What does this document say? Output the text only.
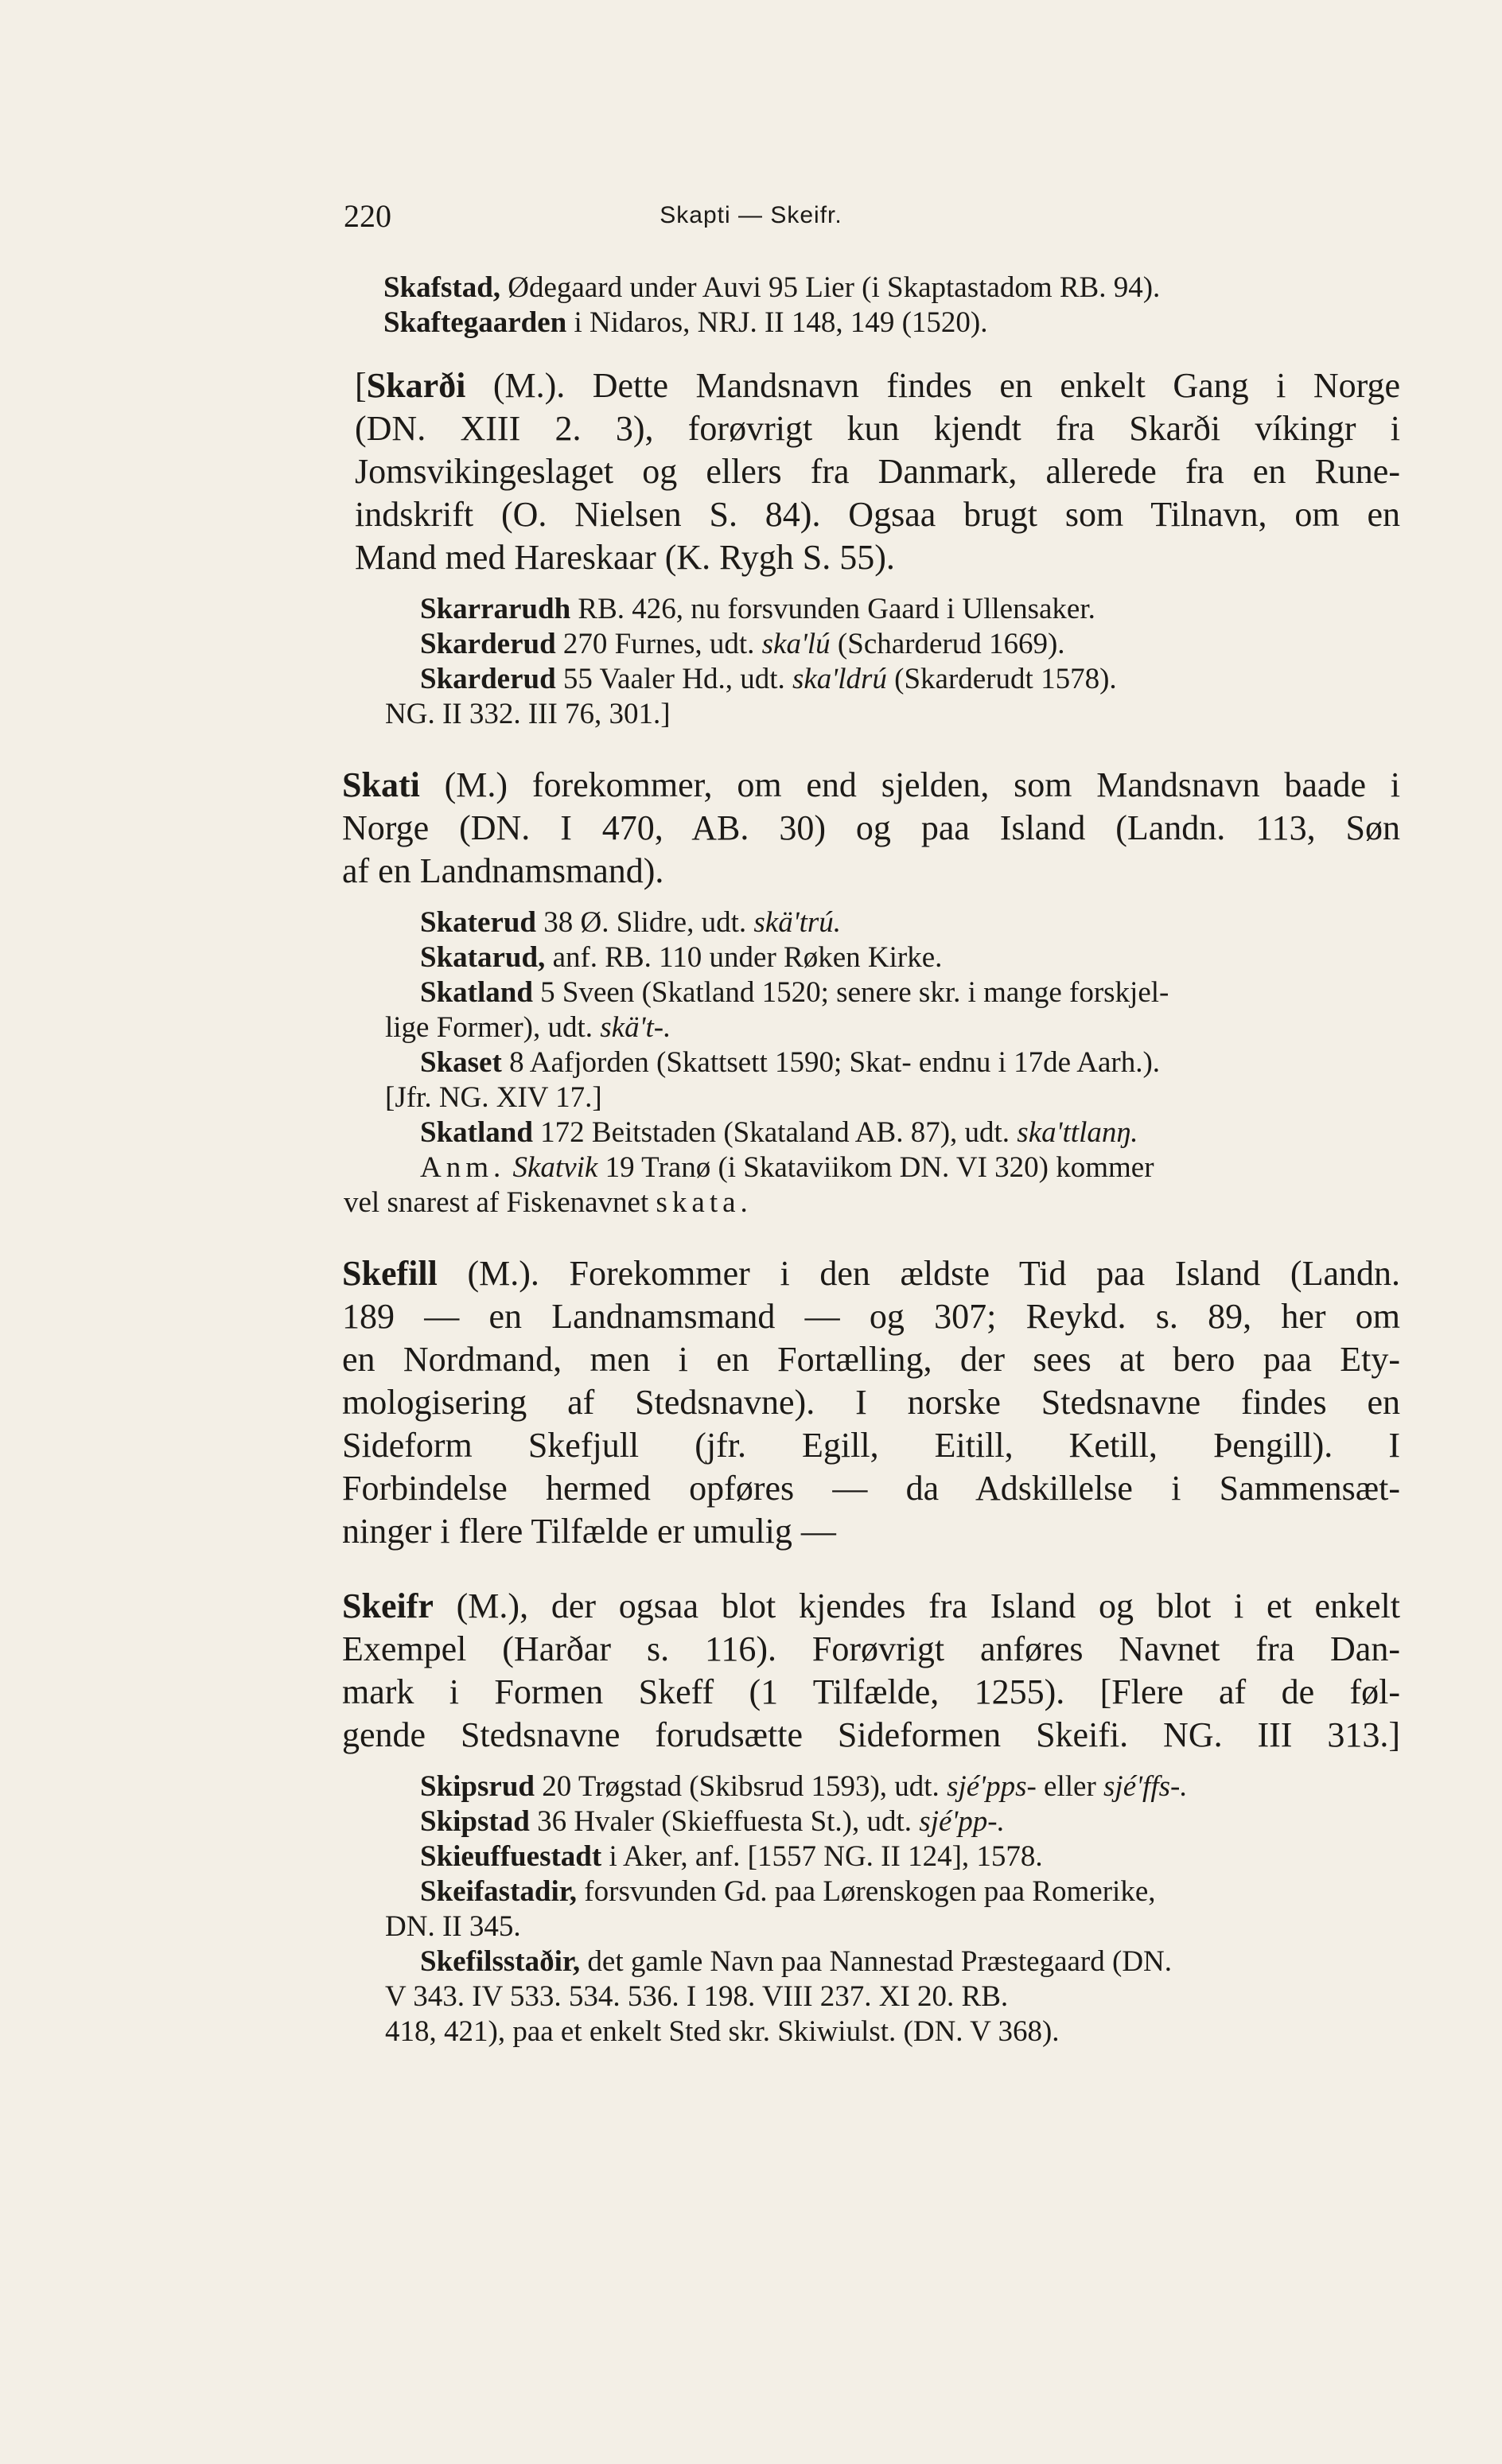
220	Skapti — Skeifr.
Skafstad, Ødegaard under Auvi 95 Lier (i Skaptastadom RB. 94).
Skaftegaarden i Nidaros, NRJ. II 148, 149 (1520).
[Skarði (M.). Dette Mandsnavn findes en enkelt Gang i Norge
(DN. XIII 2. 3), forøvrigt kun kjendt fra Skarði víkingr i
Jomsvikingeslaget og ellers fra Danmark, allerede fra en Rune-
indskrift (O. Nielsen S. 84). Ogsaa brugt som Tilnavn, om en
Mand med Hareskaar (K. Rygh S. 55).
Skarrarudh RB. 426, nu forsvunden Gaard i Ullensaker.
Skarderud 270 Furnes, udt. skaʹlú (Scharderud 1669).
Skarderud 55 Vaaler Hd., udt. skaʹldrú (Skarderudt 1578).
NG. II 332. III 76, 301.]
Skati (M.) forekommer, om end sjelden, som Mandsnavn baade i
Norge (DN. I 470, AB. 30) og paa Island (Landn. 113, Søn
af en Landnamsmand).
Skaterud 38 Ø. Slidre, udt. skäʹtrú.
Skatarud, anf. RB. 110 under Røken Kirke.
Skatland 5 Sveen (Skatland 1520; senere skr. i mange forskjel-
lige Former), udt. skäʹt-.
Skaset 8 Aafjorden (Skattsett 1590; Skat- endnu i 17de Aarh.).
[Jfr. NG. XIV 17.]
Skatland 172 Beitstaden (Skataland AB. 87), udt. skaʹttlanŋ.
Anm. Skatvik 19 Tranø (i Skataviikom DN. VI 320) kommer
vel snarest af Fiskenavnet skata.
Skefill (M.). Forekommer i den ældste Tid paa Island (Landn.
189 — en Landnamsmand — og 307; Reykd. s. 89, her om
en Nordmand, men i en Fortælling, der sees at bero paa Ety-
mologisering af Stedsnavne). I norske Stedsnavne findes en
Sideform Skefjull (jfr. Egill, Eitill, Ketill, Þengill). I
Forbindelse hermed opføres — da Adskillelse i Sammensæt-
ninger i flere Tilfælde er umulig —
Skeifr (M.), der ogsaa blot kjendes fra Island og blot i et enkelt
Exempel (Harðar s. 116). Forøvrigt anføres Navnet fra Dan-
mark i Formen Skeff (1 Tilfælde, 1255). [Flere af de føl-
gende Stedsnavne forudsætte Sideformen Skeifi. NG. III 313.]
Skipsrud 20 Trøgstad (Skibsrud 1593), udt. sjéʹpps- eller sjéʹffs-.
Skipstad 36 Hvaler (Skieffuesta St.), udt. sjéʹpp-.
Skieuffuestadt i Aker, anf. [1557 NG. II 124], 1578.
Skeifastadir, forsvunden Gd. paa Lørenskogen paa Romerike,
DN. II 345.
Skefilsstaðir, det gamle Navn paa Nannestad Præstegaard (DN.
V 343. IV 533. 534. 536. I 198. VIII 237. XI 20. RB.
418, 421), paa et enkelt Sted skr. Skiwiulst. (DN. V 368).
